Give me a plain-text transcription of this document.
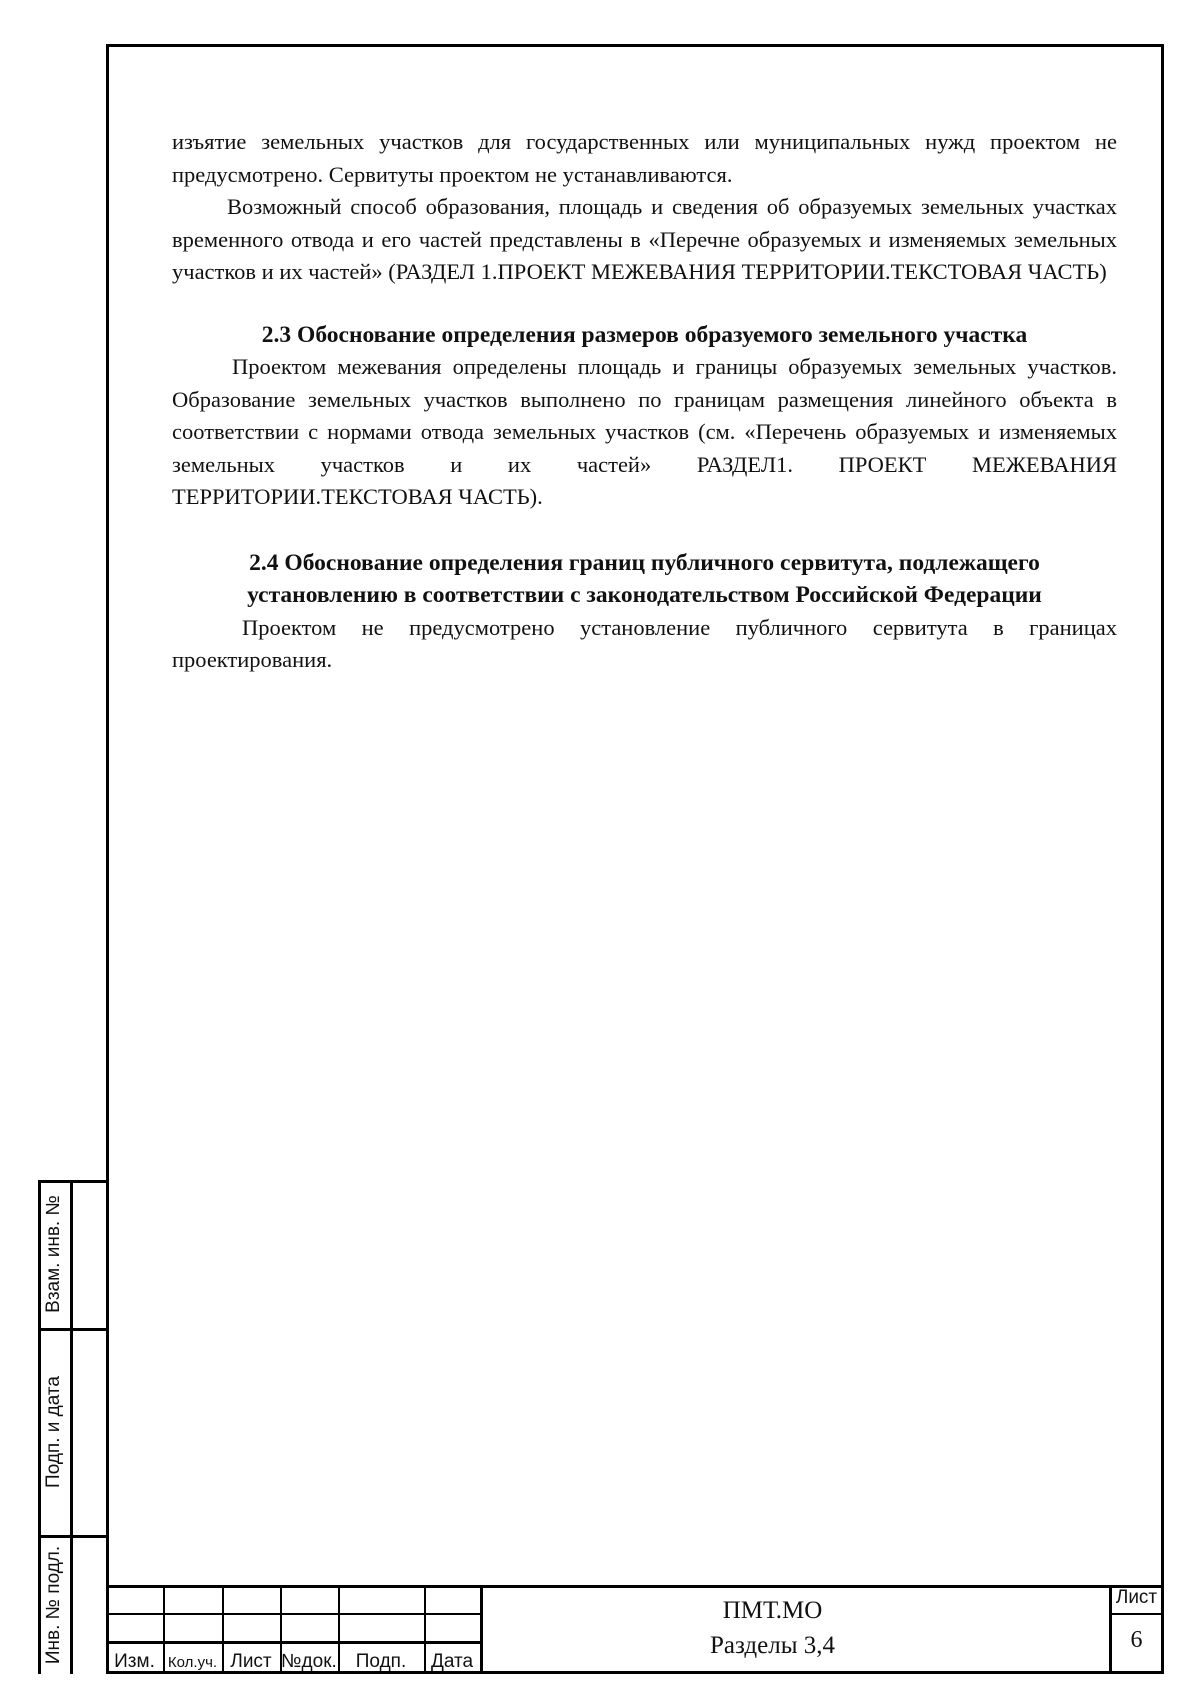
изъятие земельных участков для государственных или муниципальных нужд проектом не предусмотрено. Сервитуты проектом не устанавливаются.

Возможный способ образования, площадь и сведения об образуемых земельных участках временного отвода и его частей представлены в «Перечне образуемых и изменяемых земельных участков и их частей» (РАЗДЕЛ 1.ПРОЕКТ МЕЖЕВАНИЯ ТЕРРИТОРИИ.ТЕКСТОВАЯ ЧАСТЬ)

2.3 Обоснование определения размеров образуемого земельного участка

Проектом межевания определены площадь и границы образуемых земельных участков. Образование земельных участков выполнено по границам размещения линейного объекта в соответствии с нормами отвода земельных участков (см. «Перечень образуемых и изменяемых земельных участков и их частей» РАЗДЕЛ1. ПРОЕКТ МЕЖЕВАНИЯ ТЕРРИТОРИИ.ТЕКСТОВАЯ ЧАСТЬ).

2.4 Обоснование определения границ публичного сервитута, подлежащего

установлению в соответствии с законодательством Российской Федерации

Проектом не предусмотрено установление публичного сервитута в границах проектирования.

Взам. инв. №
Подп. и дата
Инв. № подл.	Изм. Кол.уч. Лист №док. Подп.	Дата
ПМТ.МО
Разделы 3,4
Лист
6
